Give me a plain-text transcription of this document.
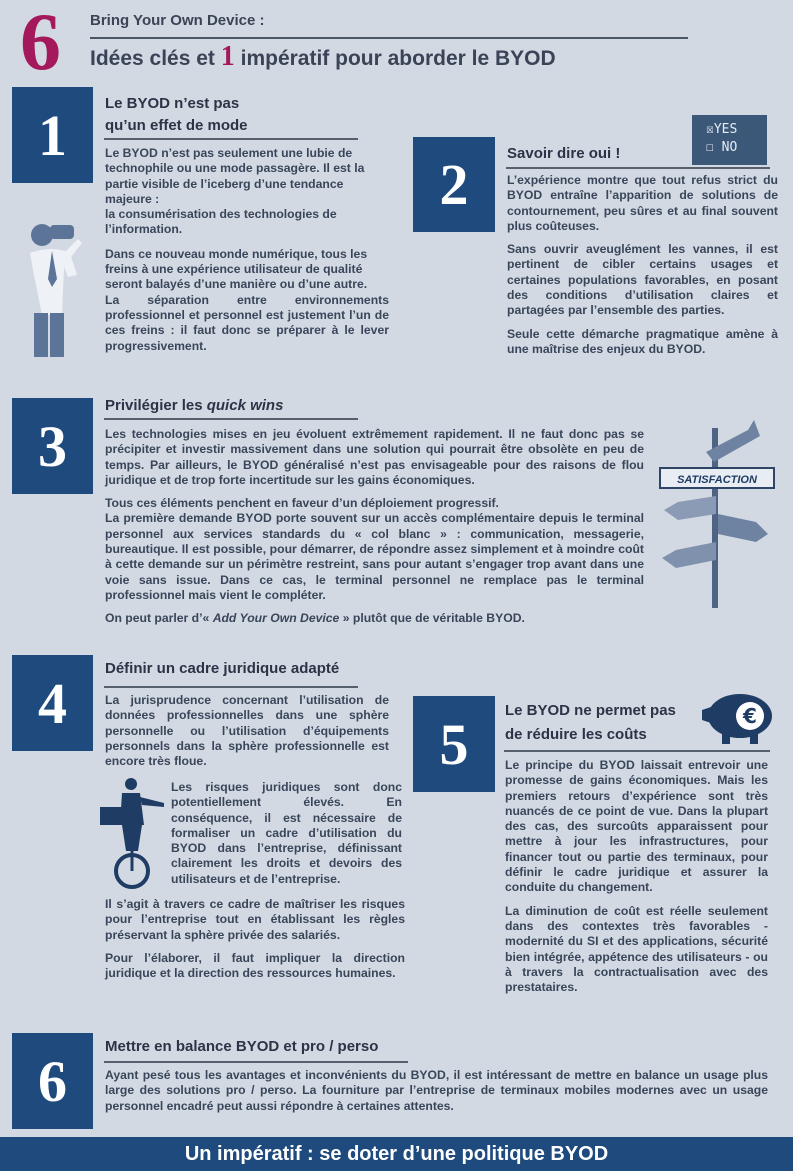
6 Bring Your Own Device :
Idées clés et 1 impératif pour aborder le BYOD
1	Le BYOD n’est pas
qu’un effet de mode

Le BYOD n’est pas seulement une lubie de technophile ou une mode passagère. Il est la partie visible de l’iceberg d’une tendance majeure :

la consumérisation des technologies de l’information.

Dans ce nouveau monde numérique, tous les freins à une expérience utilisateur de qualité seront balayés d’une manière ou d’une autre.

La séparation entre environnements professionnel et personnel est justement l’un de ces freins : il faut donc se préparer à le lever progressivement.

2	Savoir dire oui !
☒YES
☐ NO

L’expérience montre que tout refus strict du BYOD entraîne l’apparition de solutions de contournement, peu sûres et au final souvent plus coûteuses.

Sans ouvrir aveuglément les vannes, il est pertinent de cibler certains usages et certaines populations favorables, en posant des conditions d’utilisation claires et partagées par l’ensemble des parties.

Seule cette démarche pragmatique amène à une maîtrise des enjeux du BYOD.

3
Privilégier les quick wins

Les technologies mises en jeu évoluent extrêmement rapidement. Il ne faut donc pas se précipiter et investir massivement dans une solution qui pourrait être obsolète en peu de temps. Par ailleurs, le BYOD généralisé n’est pas envisageable pour des raisons de flou juridique et de trop forte incertitude sur les gains économiques.

Tous ces éléments penchent en faveur d’un déploiement progressif.

La première demande BYOD porte souvent sur un accès complémentaire depuis le terminal personnel aux services standards du « col blanc » : communication, messagerie, bureautique. Il est possible, pour démarrer, de répondre assez simplement et à moindre coût à cette demande sur un périmètre restreint, sans pour autant s’engager trop avant dans une voie sans issue. Dans ce cas, le terminal personnel ne remplace pas le terminal professionnel mais vient le compléter.

On peut parler d’« Add Your Own Device » plutôt que de véritable BYOD.

SATISFACTION
4
Définir un cadre juridique adapté

La jurisprudence concernant l’utilisation de données professionnelles dans une sphère personnelle ou l’utilisation d’équipements personnels dans la sphère professionnelle est encore très floue.

Les risques juridiques sont donc potentiellement élevés. En conséquence, il est nécessaire de formaliser un cadre d’utilisation du BYOD dans l’entreprise, définissant clairement les droits et devoirs des utilisateurs et de l’entreprise.

Il s’agit à travers ce cadre de maîtriser les risques pour l’entreprise tout en établissant les règles préservant la sphère privée des salariés.

Pour l’élaborer, il faut impliquer la direction juridique et la direction des ressources humaines.

5
Le BYOD ne permet pas
de réduire les coûts
€

Le principe du BYOD laissait entrevoir une promesse de gains économiques. Mais les premiers retours d’expérience sont très nuancés de ce point de vue. Dans la plupart des cas, des surcoûts apparaissent pour mettre à jour les infrastructures, pour financer tout ou partie des terminaux, pour définir le cadre juridique et assurer la conduite du changement.

La diminution de coût est réelle seulement dans des contextes très favorables - modernité du SI et des applications, sécurité bien intégrée, appétence des utilisateurs - ou à travers la contractualisation avec des prestataires.

6
Mettre en balance BYOD et pro / perso

Ayant pesé tous les avantages et inconvénients du BYOD, il est intéressant de mettre en balance un usage plus large des solutions pro / perso. La fourniture par l’entreprise de terminaux mobiles modernes avec un usage personnel encadré peut aussi répondre à certaines attentes.

Un impératif : se doter d’une politique BYOD
